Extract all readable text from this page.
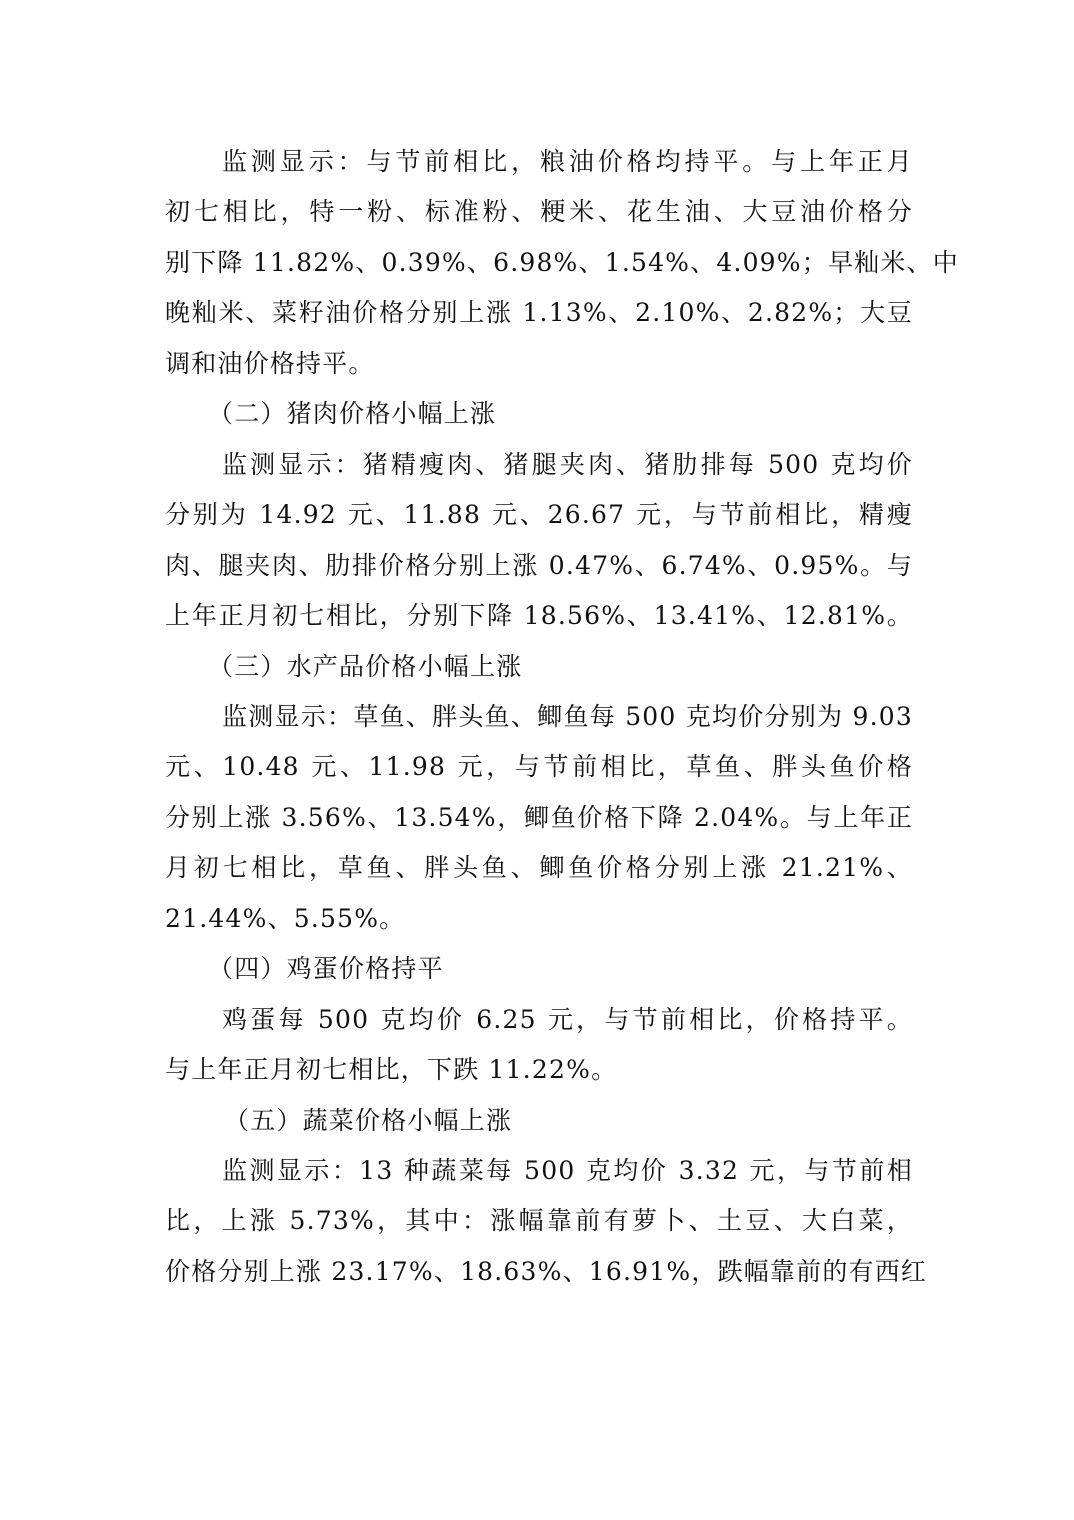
监测显示：与节前相比，粮油价格均持平。与上年正月
初七相比，特一粉、标准粉、粳米、花生油、大豆油价格分
别下降 11.82%、0.39%、6.98%、1.54%、4.09%；早籼米、中
晚籼米、菜籽油价格分别上涨 1.13%、2.10%、2.82%；大豆
调和油价格持平。
（二）猪肉价格小幅上涨
监测显示：猪精瘦肉、猪腿夹肉、猪肋排每 500 克均价
分别为 14.92 元、11.88 元、26.67 元，与节前相比，精瘦
肉、腿夹肉、肋排价格分别上涨 0.47%、6.74%、0.95%。与
上年正月初七相比，分别下降 18.56%、13.41%、12.81%。
（三）水产品价格小幅上涨
监测显示：草鱼、胖头鱼、鲫鱼每 500 克均价分别为 9.03
元、10.48 元、11.98 元，与节前相比，草鱼、胖头鱼价格
分别上涨 3.56%、13.54%，鲫鱼价格下降 2.04%。与上年正
月初七相比，草鱼、胖头鱼、鲫鱼价格分别上涨 21.21%、
21.44%、5.55%。
（四）鸡蛋价格持平
鸡蛋每 500 克均价 6.25 元，与节前相比，价格持平。
与上年正月初七相比，下跌 11.22%。
（五）蔬菜价格小幅上涨
监测显示：13 种蔬菜每 500 克均价 3.32 元，与节前相
比，上涨 5.73%，其中：涨幅靠前有萝卜、土豆、大白菜，
价格分别上涨 23.17%、18.63%、16.91%，跌幅靠前的有西红
